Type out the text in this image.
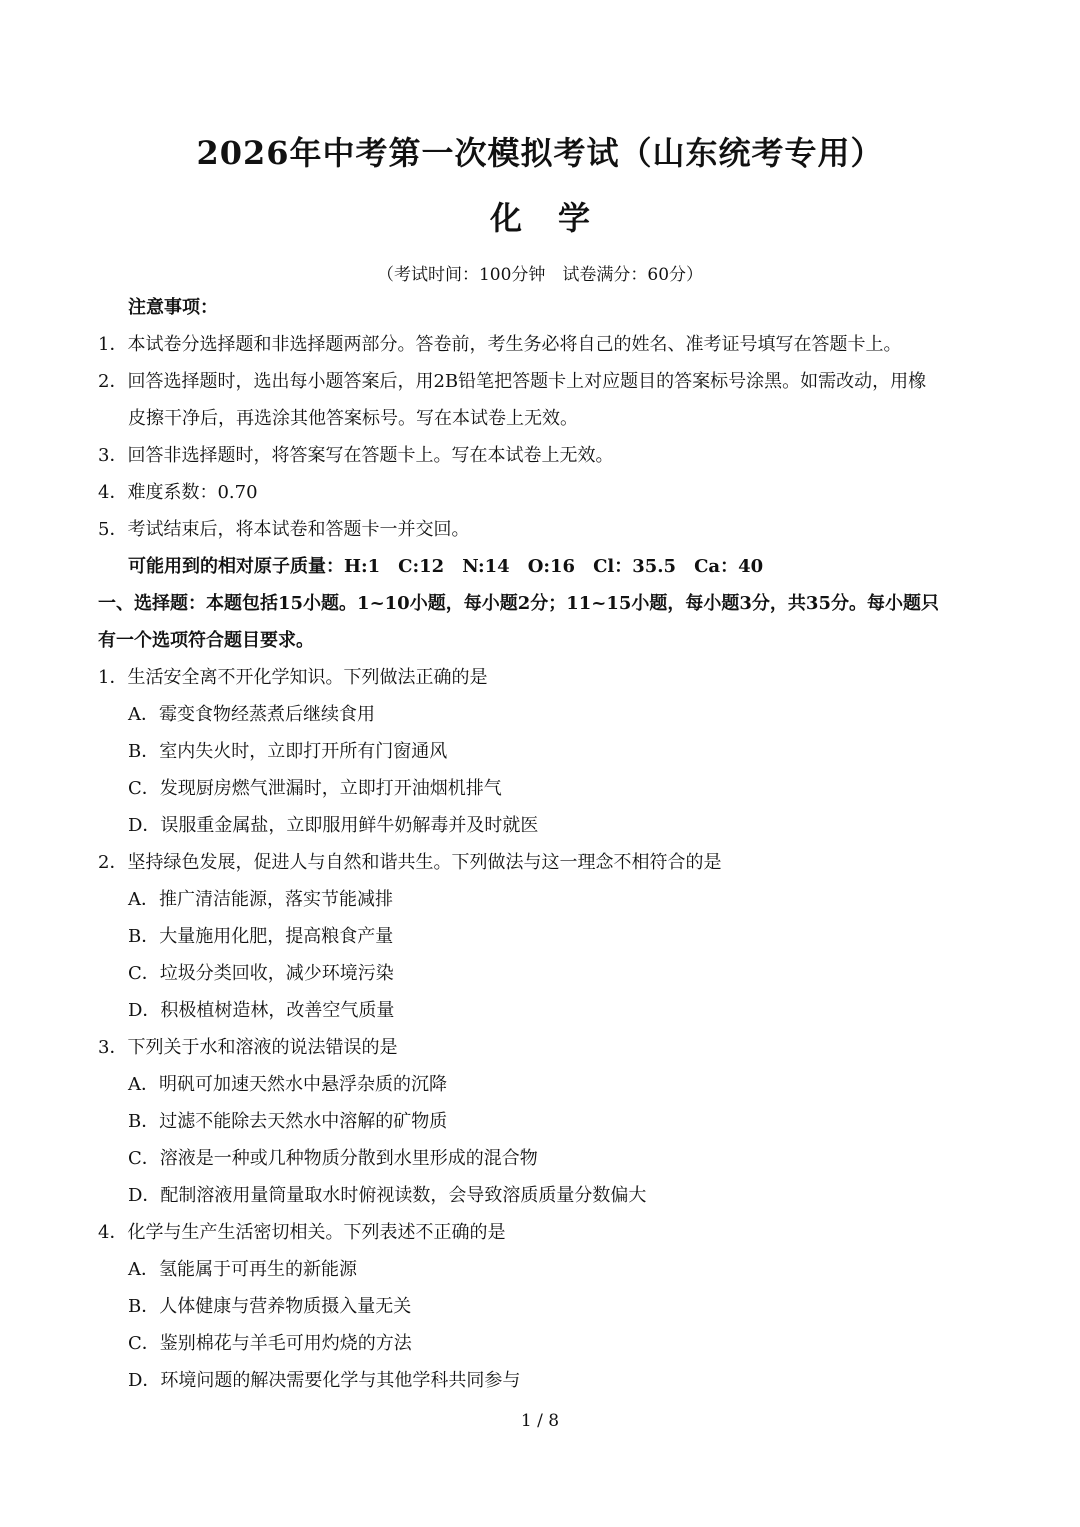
2026年中考第一次模拟考试（山东统考专用）
化学
（考试时间：100分钟　试卷满分：60分）
注意事项：
1．本试卷分选择题和非选择题两部分。答卷前，考生务必将自己的姓名、准考证号填写在答题卡上。
2．回答选择题时，选出每小题答案后，用2B铅笔把答题卡上对应题目的答案标号涂黑。如需改动，用橡
皮擦干净后，再选涂其他答案标号。写在本试卷上无效。
3．回答非选择题时，将答案写在答题卡上。写在本试卷上无效。
4．难度系数：0.70
5．考试结束后，将本试卷和答题卡一并交回。
可能用到的相对原子质量：H:1　C:12　N:14　O:16　Cl：35.5　Ca：40
一、选择题：本题包括15小题。1~10小题，每小题2分；11~15小题，每小题3分，共35分。每小题只
有一个选项符合题目要求。
1．生活安全离不开化学知识。下列做法正确的是
A．霉变食物经蒸煮后继续食用
B．室内失火时，立即打开所有门窗通风
C．发现厨房燃气泄漏时，立即打开油烟机排气
D．误服重金属盐，立即服用鲜牛奶解毒并及时就医
2．坚持绿色发展，促进人与自然和谐共生。下列做法与这一理念不相符合的是
A．推广清洁能源，落实节能减排
B．大量施用化肥，提高粮食产量
C．垃圾分类回收，减少环境污染
D．积极植树造林，改善空气质量
3．下列关于水和溶液的说法错误的是
A．明矾可加速天然水中悬浮杂质的沉降
B．过滤不能除去天然水中溶解的矿物质
C．溶液是一种或几种物质分散到水里形成的混合物
D．配制溶液用量筒量取水时俯视读数，会导致溶质质量分数偏大
4．化学与生产生活密切相关。下列表述不正确的是
A．氢能属于可再生的新能源
B．人体健康与营养物质摄入量无关
C．鉴别棉花与羊毛可用灼烧的方法
D．环境问题的解决需要化学与其他学科共同参与
1 / 8
